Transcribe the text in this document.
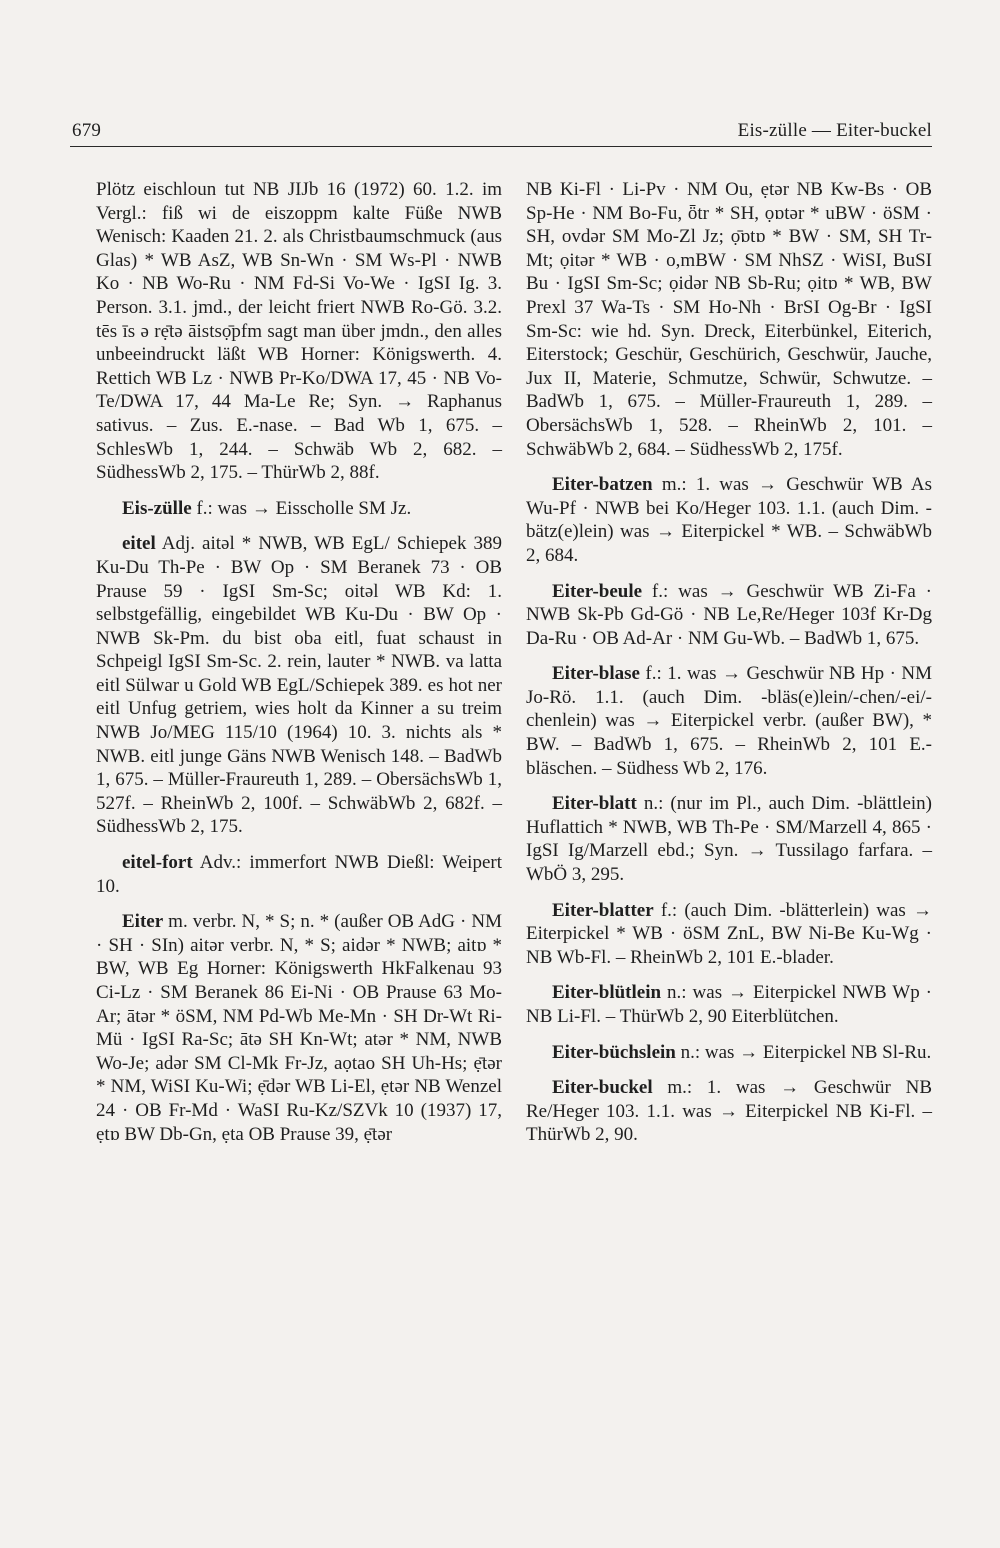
679	Eis-zülle — Eiter-buckel

Plötz eischloun tut NB JIJb 16 (1972) 60. 1.2. im Vergl.: fiß wi de eiszoppm kalte Füße NWB Wenisch: Kaaden 21. 2. als Christbaumschmuck (aus Glas) * WB AsZ, WB Sn-Wn · SM Ws-Pl · NWB Ko · NB Wo-Ru · NM Fd-Si Vo-We · IgSI Ig. 3. Person. 3.1. jmd., der leicht friert NWB Ro-Gö. 3.2. tēs īs ə rẹ̄tə āistsọ̄pfm sagt man über jmdn., den alles unbeeindruckt läßt WB Horner: Königswerth. 4. Rettich WB Lz · NWB Pr-Ko/DWA 17, 45 · NB Vo-Te/DWA 17, 44 Ma-Le Re; Syn. → Raphanus sativus. – Zus. E.-nase. – Bad Wb 1, 675. – SchlesWb 1, 244. – Schwäb Wb 2, 682. – SüdhessWb 2, 175. – ThürWb 2, 88f.

Eis-zülle f.: was → Eisscholle SM Jz.

eitel Adj. aitəl * NWB, WB EgL/ Schiepek 389 Ku-Du Th-Pe · BW Op · SM Beranek 73 · OB Prause 59 · IgSI Sm-Sc; oitəl WB Kd: 1. selbstgefällig, eingebildet WB Ku-Du · BW Op · NWB Sk-Pm. du bist oba eitl, fuat schaust in Schpeigl IgSI Sm-Sc. 2. rein, lauter * NWB. va latta eitl Sülwar u Gold WB EgL/Schiepek 389. es hot ner eitl Unfug getriem, wies holt da Kinner a su treim NWB Jo/MEG 115/10 (1964) 10. 3. nichts als * NWB. eitl junge Gäns NWB Wenisch 148. – BadWb 1, 675. – Müller-Fraureuth 1, 289. – ObersächsWb 1, 527f. – RheinWb 2, 100f. – SchwäbWb 2, 682f. – SüdhessWb 2, 175.

eitel-fort Adv.: immerfort NWB Dießl: Weipert 10.

Eiter m. verbr. N, * S; n. * (außer OB AdG · NM · SH · SIn) aitər verbr. N, * S; aidər * NWB; aitɒ * BW, WB Eg Horner: Königswerth HkFalkenau 93 Ci-Lz · SM Beranek 86 Ei-Ni · OB Prause 63 Mo-Ar; ātər * öSM, NM Pd-Wb Me-Mn · SH Dr-Wt Ri-Mü · IgSI Ra-Sc; ātə SH Kn-Wt; atər * NM, NWB Wo-Je; adər SM Cl-Mk Fr-Jz, aọtao SH Uh-Hs; ẹ̄tər * NM, WiSI Ku-Wi; ẹ̄dər WB Li-El, ẹtər NB Wenzel 24 · OB Fr-Md · WaSI Ru-Kz/SZVk 10 (1937) 17, ẹtɒ BW Db-Gn, ẹta OB Prause 39, ẹ̄tər

NB Ki-Fl · Li-Pv · NM Ou, ẹtər NB Kw-Bs · OB Sp-He · NM Bo-Fu, ȫtr * SH, ọɒtər * uBW · öSM · SH, ovdər SM Mo-Zl Jz; ọ̄ɒtɒ * BW · SM, SH Tr-Mt; ọitər * WB · o,mBW · SM NhSZ · WiSI, BuSI Bu · IgSI Sm-Sc; ọidər NB Sb-Ru; ọitɒ * WB, BW Prexl 37 Wa-Ts · SM Ho-Nh · BrSI Og-Br · IgSI Sm-Sc: wie hd. Syn. Dreck, Eiterbünkel, Eiterich, Eiterstock; Geschür, Geschürich, Geschwür, Jauche, Jux II, Materie, Schmutze, Schwür, Schwutze. – BadWb 1, 675. – Müller-Fraureuth 1, 289. – ObersächsWb 1, 528. – RheinWb 2, 101. – SchwäbWb 2, 684. – SüdhessWb 2, 175f.

Eiter-batzen m.: 1. was → Geschwür WB As Wu-Pf · NWB bei Ko/Heger 103. 1.1. (auch Dim. -bätz(e)lein) was → Eiterpickel * WB. – SchwäbWb 2, 684.

Eiter-beule f.: was → Geschwür WB Zi-Fa · NWB Sk-Pb Gd-Gö · NB Le,Re/Heger 103f Kr-Dg Da-Ru · OB Ad-Ar · NM Gu-Wb. – BadWb 1, 675.

Eiter-blase f.: 1. was → Geschwür NB Hp · NM Jo-Rö. 1.1. (auch Dim. -bläs(e)lein/-chen/-ei/-chenlein) was → Eiterpickel verbr. (außer BW), * BW. – BadWb 1, 675. – RheinWb 2, 101 E.-bläschen. – Südhess Wb 2, 176.

Eiter-blatt n.: (nur im Pl., auch Dim. -blättlein) Huflattich * NWB, WB Th-Pe · SM/Marzell 4, 865 · IgSI Ig/Marzell ebd.; Syn. → Tussilago farfara. – WbÖ 3, 295.

Eiter-blatter f.: (auch Dim. -blätterlein) was → Eiterpickel * WB · öSM ZnL, BW Ni-Be Ku-Wg · NB Wb-Fl. – RheinWb 2, 101 E.-blader.

Eiter-blütlein n.: was → Eiterpickel NWB Wp · NB Li-Fl. – ThürWb 2, 90 Eiterblütchen.

Eiter-büchslein n.: was → Eiterpickel NB Sl-Ru.

Eiter-buckel m.: 1. was → Geschwür NB Re/Heger 103. 1.1. was → Eiterpickel NB Ki-Fl. – ThürWb 2, 90.
